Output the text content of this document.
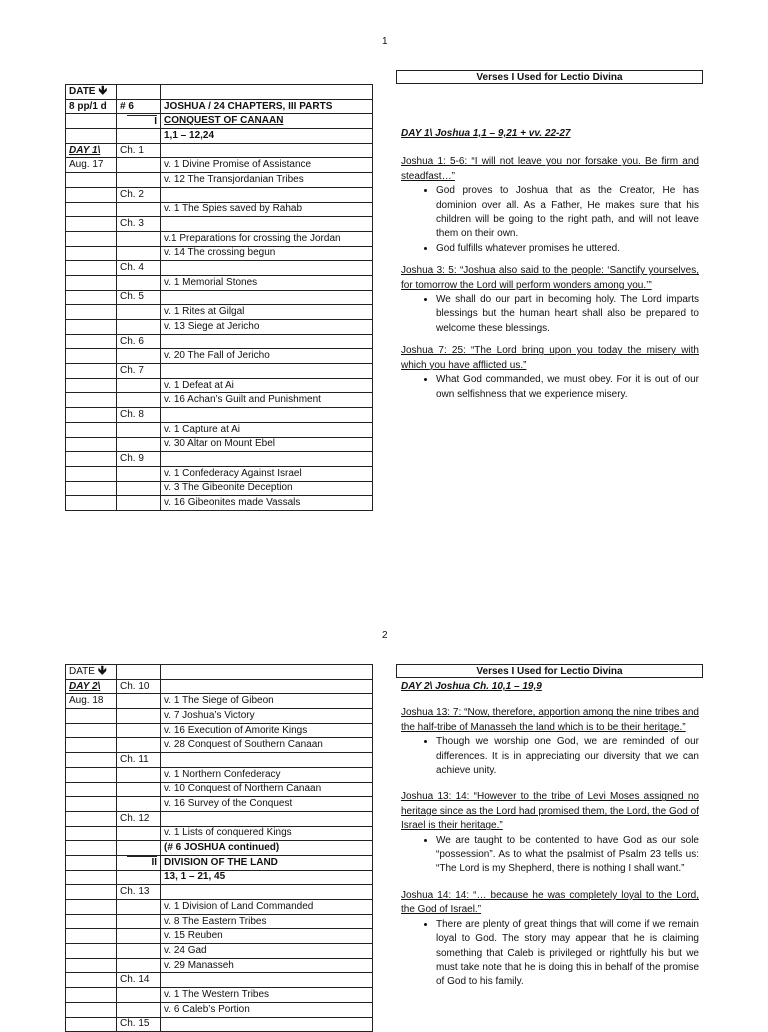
1
DATE 🡻		
8 pp/1 d	# 6	JOSHUA / 24 CHAPTERS, III PARTS
	I	CONQUEST OF CANAAN
		1,1 – 12,24
DAY 1\	Ch. 1	
Aug. 17		v. 1 Divine Promise of Assistance
		v. 12 The Transjordanian Tribes
	Ch. 2	
		v. 1 The Spies saved by Rahab
	Ch. 3	
		v.1 Preparations for crossing the Jordan
		v. 14 The crossing begun
	Ch. 4	
		v. 1 Memorial Stones
	Ch. 5	
		v. 1 Rites at Gilgal
		v. 13 Siege at Jericho
	Ch. 6	
		v. 20 The Fall of Jericho
	Ch. 7	
		v. 1 Defeat at Ai
		v. 16 Achan’s Guilt and Punishment
	Ch. 8	
		v. 1 Capture at Ai
		v. 30 Altar on Mount Ebel
	Ch. 9	
		v. 1 Confederacy Against Israel
		v. 3 The Gibeonite Deception
		v. 16 Gibeonites made Vassals
Verses I Used for Lectio Divina

DAY 1\ Joshua 1,1 – 9,21 + vv. 22-27

Joshua 1: 5-6: “I will not leave you nor forsake you. Be firm and steadfast…”

• God proves to Joshua that as the Creator, He has dominion over all. As a Father, He makes sure that his children will be going to the right path, and will not leave them on their own.
• God fulfills whatever promises he uttered.

Joshua 3: 5: “Joshua also said to the people: ‘Sanctify yourselves, for tomorrow the Lord will perform wonders among you.’”

• We shall do our part in becoming holy. The Lord imparts blessings but the human heart shall also be prepared to welcome these blessings.

Joshua 7: 25: “The Lord bring upon you today the misery with which you have afflicted us.”

• What God commanded, we must obey. For it is out of our own selfishness that we experience misery.
2
DATE 🡻		
DAY 2\	Ch. 10	
Aug. 18		v. 1 The Siege of Gibeon
		v. 7 Joshua’s Victory
		v. 16 Execution of Amorite Kings
		v. 28 Conquest of Southern Canaan
	Ch. 11	
		v. 1 Northern Confederacy
		v. 10 Conquest of Northern Canaan
		v. 16 Survey of the Conquest
	Ch. 12	
		v. 1 Lists of conquered Kings
		(# 6 JOSHUA continued)
	II	DIVISION OF THE LAND
		13, 1 – 21, 45
	Ch. 13	
		v. 1 Division of Land Commanded
		v. 8 The Eastern Tribes
		v. 15 Reuben
		v. 24 Gad
		v. 29 Manasseh
	Ch. 14	
		v. 1 The Western Tribes
		v. 6 Caleb’s Portion
	Ch. 15	
Verses I Used for Lectio Divina

DAY 2\ Joshua Ch. 10,1 – 19,9

Joshua 13: 7: “Now, therefore, apportion among the nine tribes and the half-tribe of Manasseh the land which is to be their heritage.”

• Though we worship one God, we are reminded of our differences. It is in appreciating our diversity that we can achieve unity.

Joshua 13: 14: “However to the tribe of Levi Moses assigned no heritage since as the Lord had promised them, the Lord, the God of Israel is their heritage.”

• We are taught to be contented to have God as our sole “possession”. As to what the psalmist of Psalm 23 tells us: “The Lord is my Shepherd, there is nothing I shall want.”

Joshua 14: 14: “… because he was completely loyal to the Lord, the God of Israel.”

• There are plenty of great things that will come if we remain loyal to God. The story may appear that he is claiming something that Caleb is privileged or rightfully his but we must take note that he is doing this in behalf of the promise of God to his family.
